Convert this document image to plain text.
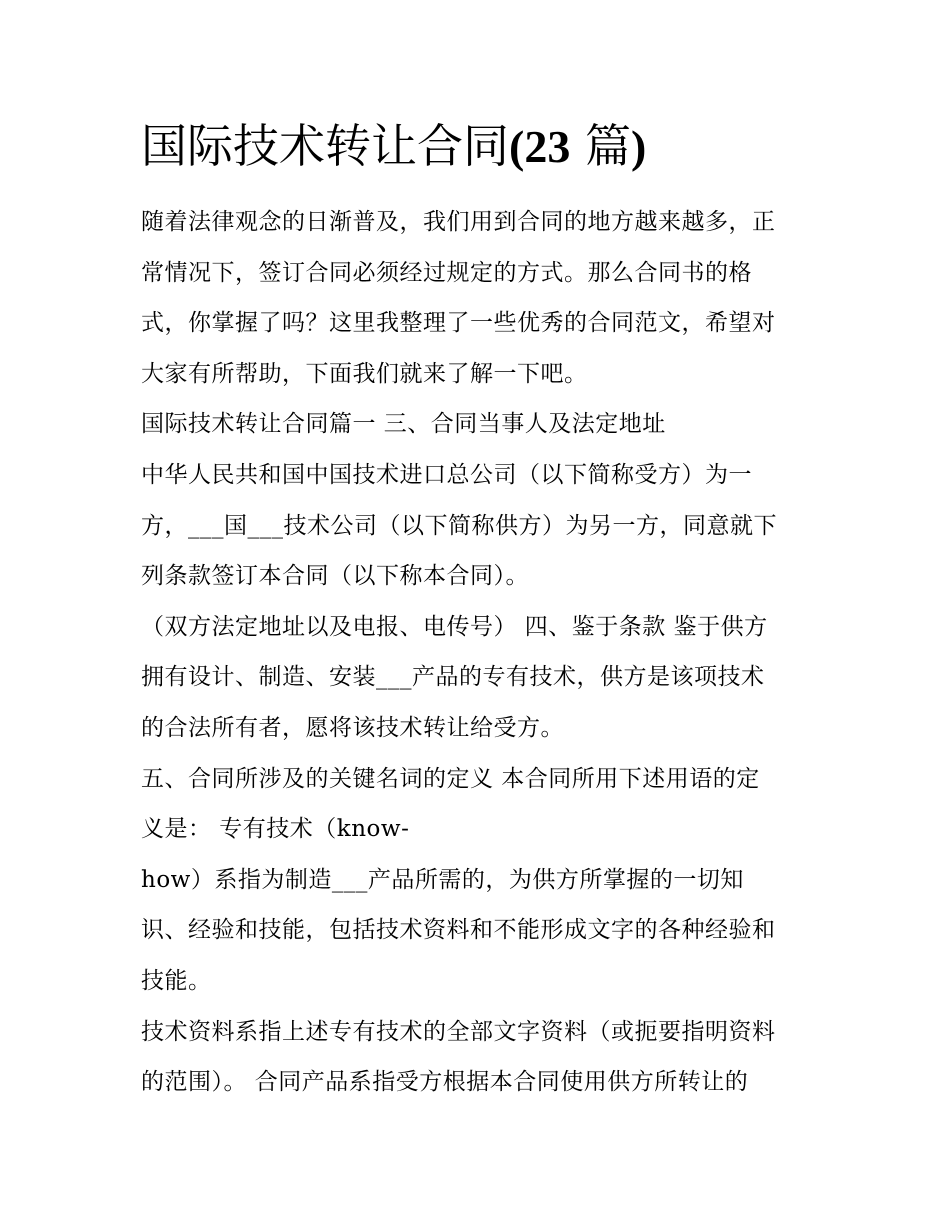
国际技术转让合同(23 篇)
随着法律观念的日渐普及，我们用到合同的地方越来越多，正
常情况下，签订合同必须经过规定的方式。那么合同书的格
式，你掌握了吗？这里我整理了一些优秀的合同范文，希望对
大家有所帮助，下面我们就来了解一下吧。
国际技术转让合同篇一 三、合同当事人及法定地址
中华人民共和国中国技术进口总公司（以下简称受方）为一
方，___国___技术公司（以下简称供方）为另一方，同意就下
列条款签订本合同（以下称本合同）。
（双方法定地址以及电报、电传号） 四、鉴于条款 鉴于供方
拥有设计、制造、安装___产品的专有技术，供方是该项技术
的合法所有者，愿将该技术转让给受方。
五、合同所涉及的关键名词的定义 本合同所用下述用语的定
义是： 专有技术（know-
how）系指为制造___产品所需的，为供方所掌握的一切知
识、经验和技能，包括技术资料和不能形成文字的各种经验和
技能。
技术资料系指上述专有技术的全部文字资料（或扼要指明资料
的范围）。 合同产品系指受方根据本合同使用供方所转让的
